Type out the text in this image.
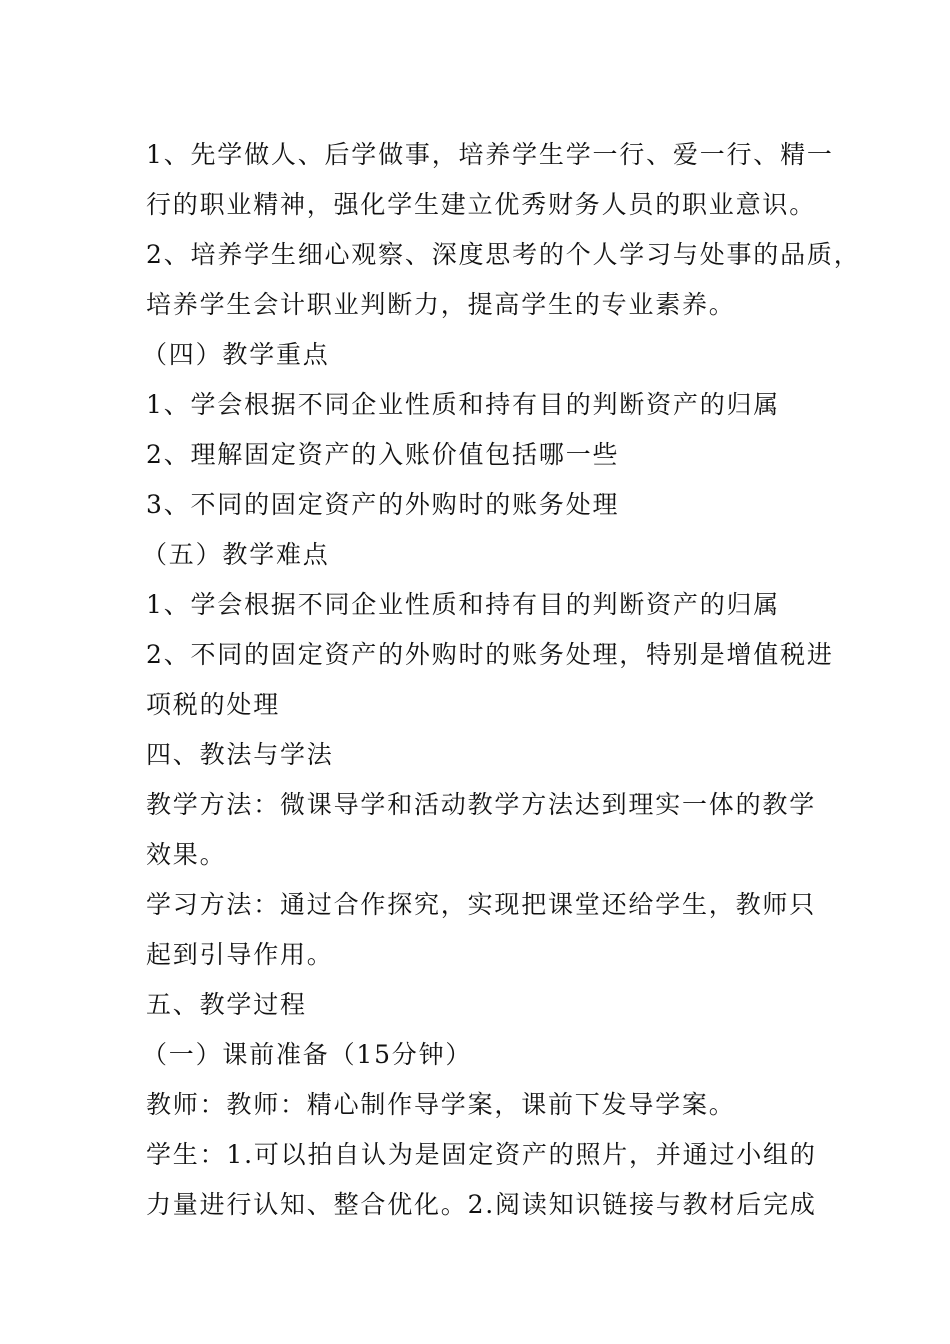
1、先学做人、后学做事，培养学生学一行、爱一行、精一
行的职业精神，强化学生建立优秀财务人员的职业意识。
2、培养学生细心观察、深度思考的个人学习与处事的品质，
培养学生会计职业判断力，提高学生的专业素养。
（四）教学重点
1、学会根据不同企业性质和持有目的判断资产的归属
2、理解固定资产的入账价值包括哪一些
3、不同的固定资产的外购时的账务处理
（五）教学难点
1、学会根据不同企业性质和持有目的判断资产的归属
2、不同的固定资产的外购时的账务处理，特别是增值税进
项税的处理
四、教法与学法
教学方法：微课导学和活动教学方法达到理实一体的教学
效果。
学习方法：通过合作探究，实现把课堂还给学生，教师只
起到引导作用。
五、教学过程
（一）课前准备（15分钟）
教师：教师：精心制作导学案，课前下发导学案。
学生：1.可以拍自认为是固定资产的照片，并通过小组的
力量进行认知、整合优化。2.阅读知识链接与教材后完成
